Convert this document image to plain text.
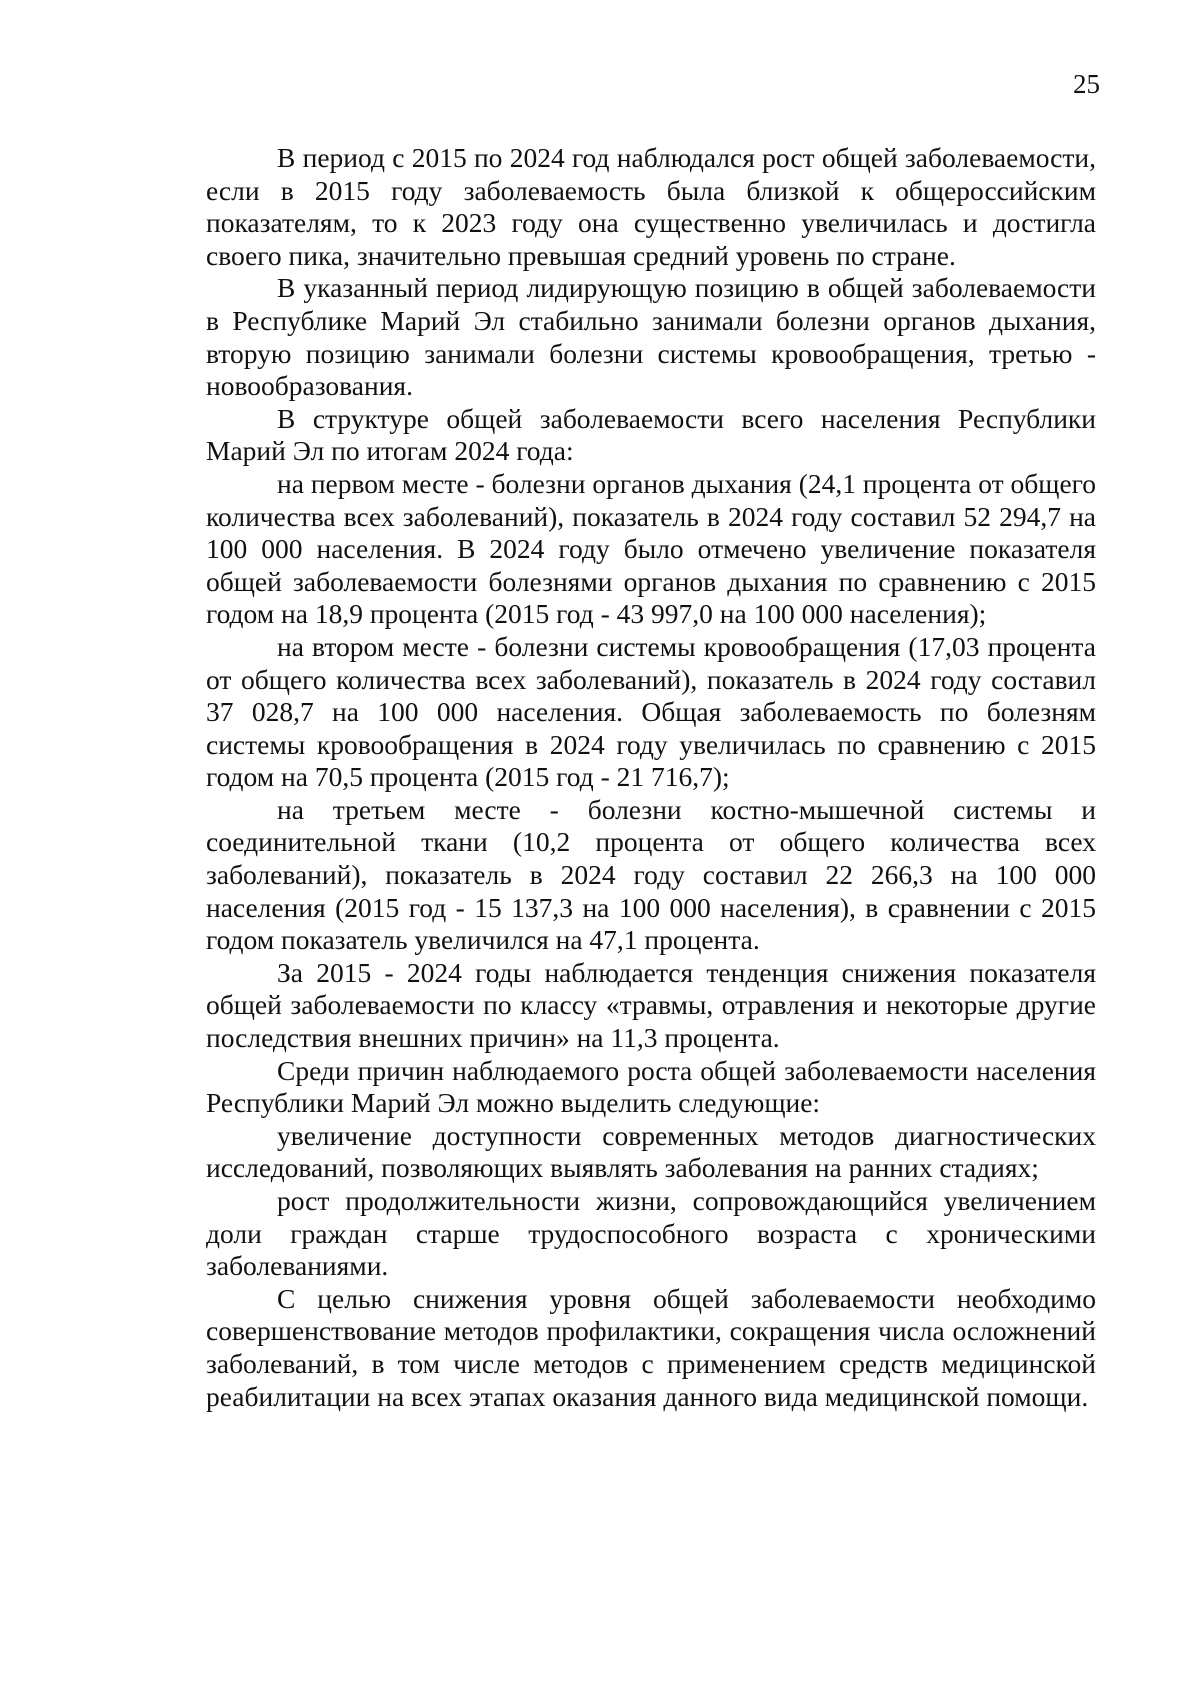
25

В период с 2015 по 2024 год наблюдался рост общей заболеваемости, если в 2015 году заболеваемость была близкой к общероссийским показателям, то к 2023 году она существенно увеличилась и достигла своего пика, значительно превышая средний уровень по стране.

В указанный период лидирующую позицию в общей заболеваемости в Республике Марий Эл стабильно занимали болезни органов дыхания, вторую позицию занимали болезни системы кровообращения, третью - новообразования.

В структуре общей заболеваемости всего населения Республики Марий Эл по итогам 2024 года:

на первом месте - болезни органов дыхания (24,1 процента от общего количества всех заболеваний), показатель в 2024 году составил 52 294,7 на 100 000 населения. В 2024 году было отмечено увеличение показателя общей заболеваемости болезнями органов дыхания по сравнению с 2015 годом на 18,9 процента (2015 год - 43 997,0 на 100 000 населения);

на втором месте - болезни системы кровообращения (17,03 процента от общего количества всех заболеваний), показатель в 2024 году составил 37 028,7 на 100 000 населения. Общая заболеваемость по болезням системы кровообращения в 2024 году увеличилась по сравнению с 2015 годом на 70,5 процента (2015 год - 21 716,7);

на третьем месте - болезни костно-мышечной системы и соединительной ткани (10,2 процента от общего количества всех заболеваний), показатель в 2024 году составил 22 266,3 на 100 000 населения (2015 год - 15 137,3 на 100 000 населения), в сравнении с 2015 годом показатель увеличился на 47,1 процента.

За 2015 - 2024 годы наблюдается тенденция снижения показателя общей заболеваемости по классу «травмы, отравления и некоторые другие последствия внешних причин» на 11,3 процента.

Среди причин наблюдаемого роста общей заболеваемости населения Республики Марий Эл можно выделить следующие:

увеличение доступности современных методов диагностических исследований, позволяющих выявлять заболевания на ранних стадиях;

рост продолжительности жизни, сопровождающийся увеличением доли граждан старше трудоспособного возраста с хроническими заболеваниями.

С целью снижения уровня общей заболеваемости необходимо совершенствование методов профилактики, сокращения числа осложнений заболеваний, в том числе методов с применением средств медицинской реабилитации на всех этапах оказания данного вида медицинской помощи.
